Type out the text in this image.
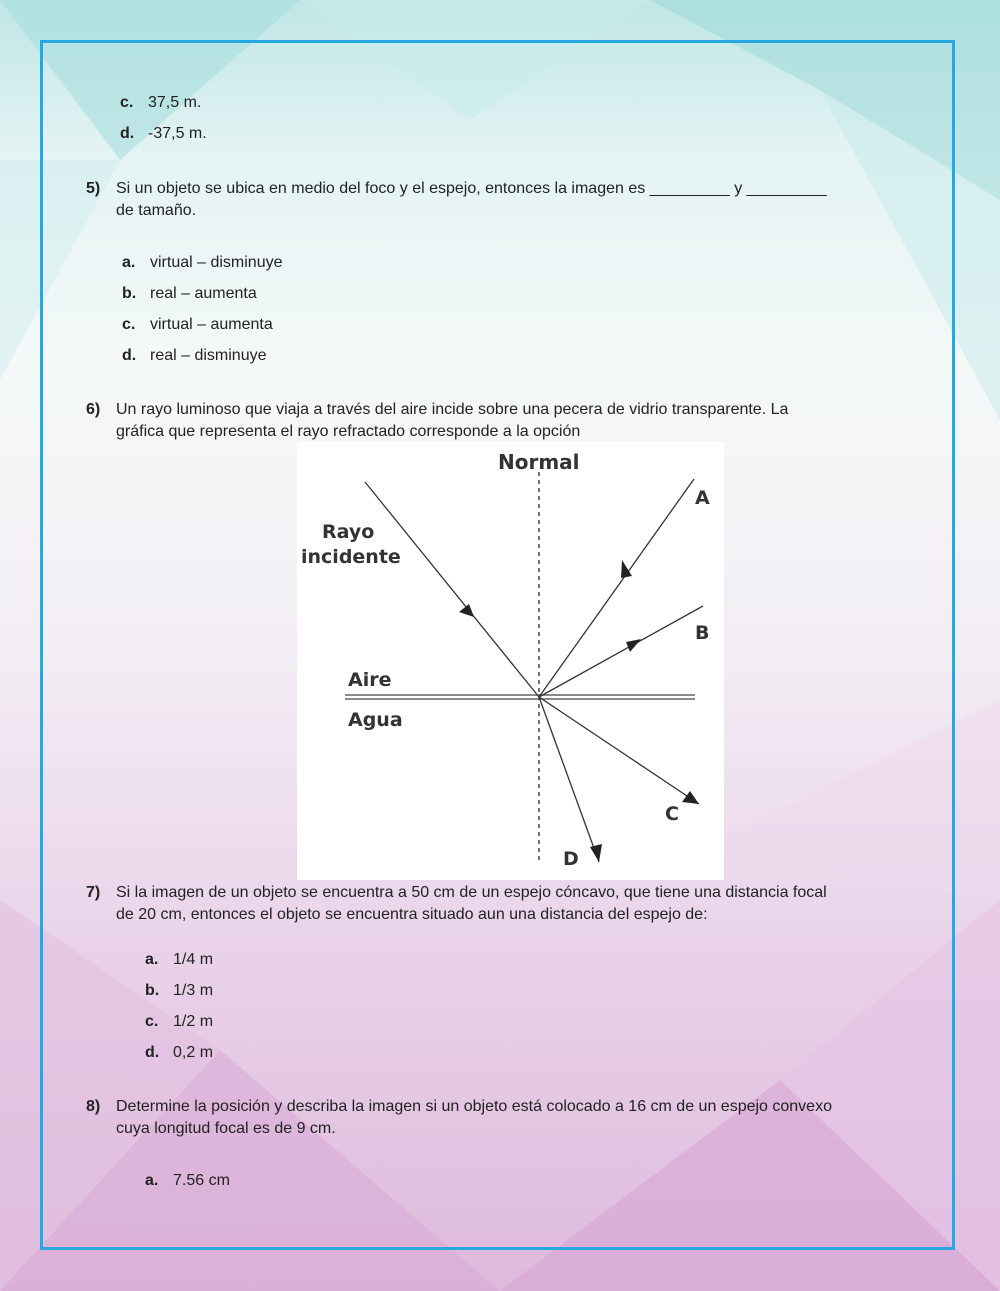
c. 37,5 m.
d. -37,5 m.
5) Si un objeto se ubica en medio del foco y el espejo, entonces la imagen es _________ y _________
de tamaño.
a. virtual – disminuye
b. real – aumenta
c. virtual – aumenta
d. real – disminuye
6) Un rayo luminoso que viaja a través del aire incide sobre una pecera de vidrio transparente. La
gráfica que representa el rayo refractado corresponde a la opción
Normal
Rayo
incidente
Aire
Agua
A
B
C
D
7) Si la imagen de un objeto se encuentra a 50 cm de un espejo cóncavo, que tiene una distancia focal
de 20 cm, entonces el objeto se encuentra situado aun una distancia del espejo de:
a. 1/4 m
b. 1/3 m
c. 1/2 m
d. 0,2 m
8) Determine la posición y describa la imagen si un objeto está colocado a 16 cm de un espejo convexo
cuya longitud focal es de 9 cm.
a. 7.56 cm
